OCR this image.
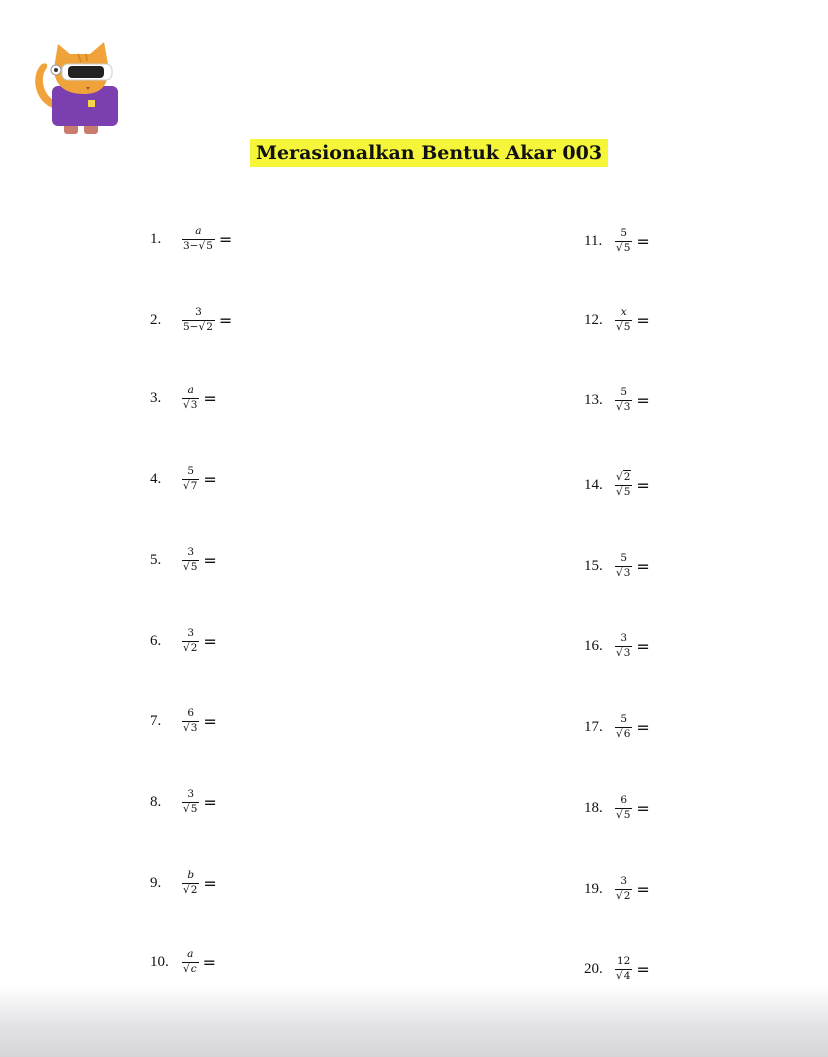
Merasionalkan Bentuk Akar 003
1.	$\frac{a}{3-√5}$ =
2.	$\frac{3}{5-√2}$ =
3.	$\frac{a}{√3}$ =
4.	$\frac{5}{√7}$ =
5.	$\frac{3}{√5}$ =
6.	$\frac{3}{√2}$ =
7.	$\frac{6}{√3}$ =
8.	$\frac{3}{√5}$ =
9.	$\frac{b}{√2}$ =
10.	$\frac{a}{√c}$ =
11.	$\frac{5}{√5}$ =
12.	$\frac{x}{√5}$ =
13.	$\frac{5}{√3}$ =
14.	$\frac{√2}{√5}$ =
15.	$\frac{5}{√3}$ =
16.	$\frac{3}{√3}$ =
17.	$\frac{5}{√6}$ =
18.	$\frac{6}{√5}$ =
19.	$\frac{3}{√2}$ =
20.	$\frac{12}{√4}$ =
